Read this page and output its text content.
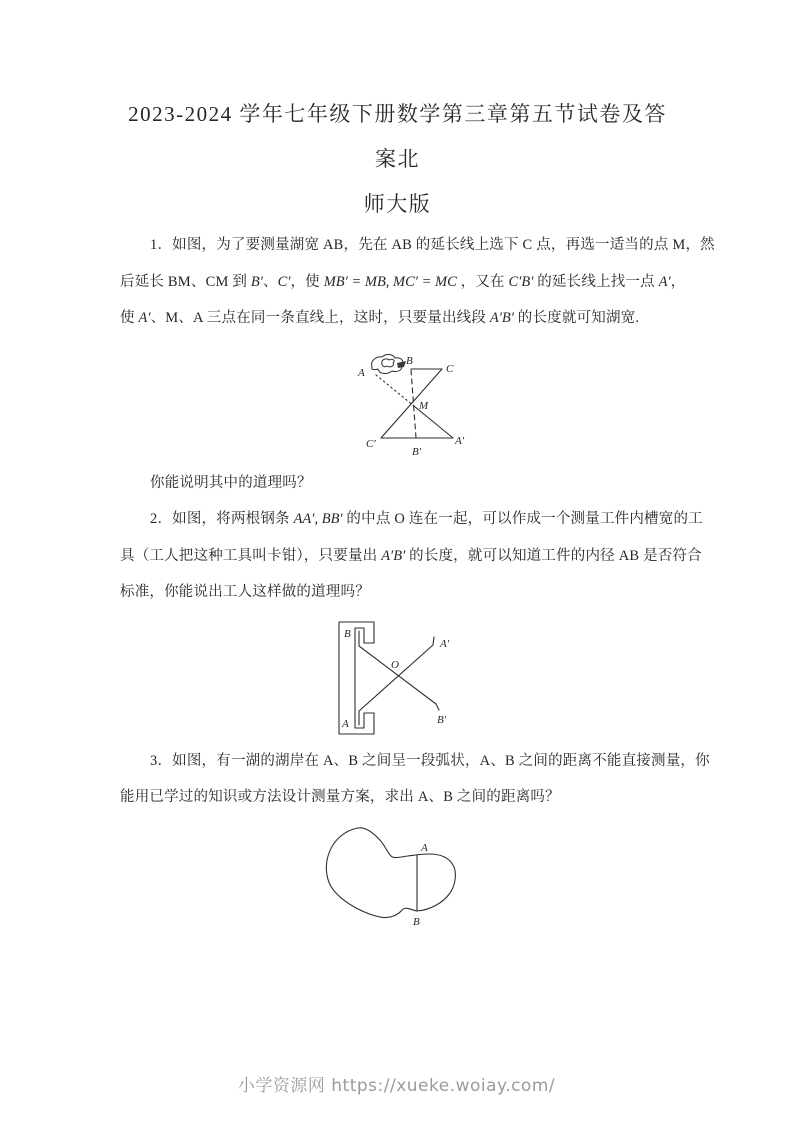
2023-2024 学年七年级下册数学第三章第五节试卷及答案北
师大版
1．如图，为了要测量湖宽 AB，先在 AB 的延长线上选下 C 点，再选一适当的点 M，然
后延长 BM、CM 到 B′、C′，使 MB′ = MB, MC′ = MC ，又在 C′B′ 的延长线上找一点 A′，
使 A′、M、A 三点在同一条直线上，这时，只要量出线段 A′B′ 的长度就可知湖宽.
A
B
C
M
C′
B′
A′
你能说明其中的道理吗？
2．如图，将两根钢条 AA′, BB′ 的中点 O 连在一起，可以作成一个测量工件内槽宽的工
具（工人把这种工具叫卡钳），只要量出 A′B′ 的长度，就可以知道工件的内径 AB 是否符合
标准，你能说出工人这样做的道理吗？
B
A
O
A′
B′
3．如图，有一湖的湖岸在 A、B 之间呈一段弧状，A、B 之间的距离不能直接测量，你
能用已学过的知识或方法设计测量方案，求出 A、B 之间的距离吗？
A
B
小学资源网 https://xueke.woiay.com/
